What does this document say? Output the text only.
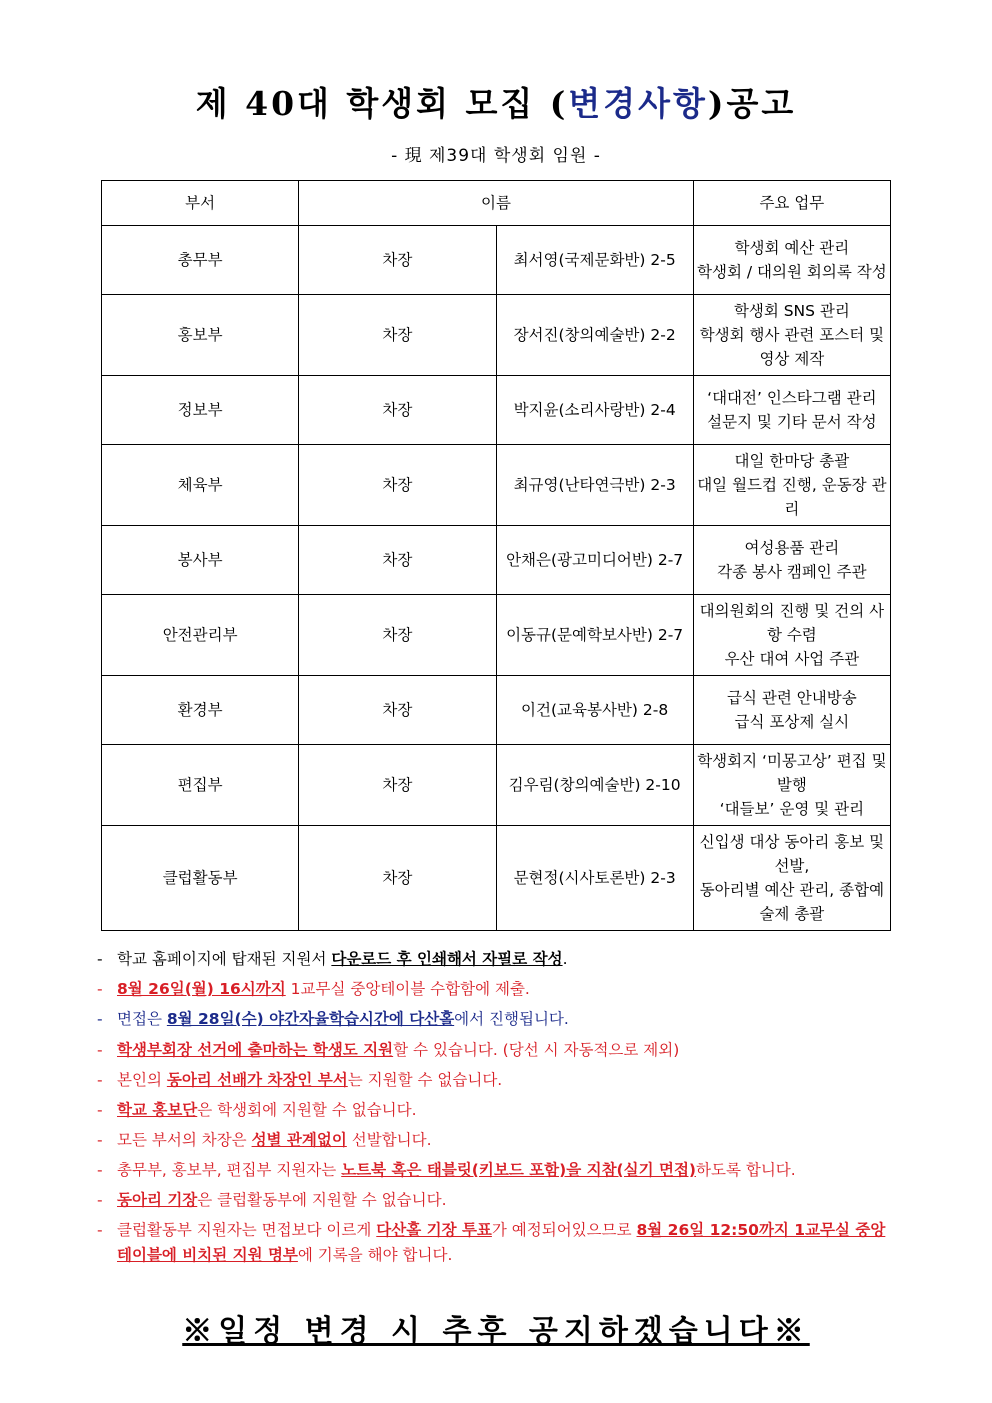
제 40대 학생회 모집 (변경사항)공고
- 現 제39대 학생회 임원 -
부서	이름		주요 업무
총무부	차장	최서영(국제문화반) 2-5	학생회 예산 관리
학생회 / 대의원 회의록 작성

홍보부	차장	장서진(창의예술반) 2-2	학생회 SNS 관리
학생회 행사 관련 포스터 및 영상 제작

정보부	차장	박지윤(소리사랑반) 2-4	‘대대전’ 인스타그램 관리
설문지 및 기타 문서 작성

체육부	차장	최규영(난타연극반) 2-3	대일 한마당 총괄
대일 월드컵 진행, 운동장 관리

봉사부	차장	안채은(광고미디어반) 2-7	여성용품 관리
각종 봉사 캠페인 주관

안전관리부	차장	이동규(문예학보사반) 2-7	대의원회의 진행 및 건의 사항 수렴
우산 대여 사업 주관

환경부	차장	이건(교육봉사반) 2-8	급식 관련 안내방송
급식 포상제 실시

편집부	차장	김우림(창의예술반) 2-10	학생회지 ‘미몽고상’ 편집 및 발행
‘대들보’ 운영 및 관리

클럽활동부	차장	문현정(시사토론반) 2-3	신입생 대상 동아리 홍보 및 선발,
동아리별 예산 관리, 종합예술제 총괄
- 학교 홈페이지에 탑재된 지원서 다운로드 후 인쇄해서 자필로 작성.
- 8월 26일(월) 16시까지 1교무실 중앙테이블 수합함에 제출.
- 면접은 8월 28일(수) 야간자율학습시간에 다산홀에서 진행됩니다.
- 학생부회장 선거에 출마하는 학생도 지원할 수 있습니다. (당선 시 자동적으로 제외)
- 본인의 동아리 선배가 차장인 부서는 지원할 수 없습니다.
- 학교 홍보단은 학생회에 지원할 수 없습니다.
- 모든 부서의 차장은 성별 관계없이 선발합니다.
- 총무부, 홍보부, 편집부 지원자는 노트북 혹은 태블릿(키보드 포함)을 지참(실기 면접)하도록 합니다.
- 동아리 기장은 클럽활동부에 지원할 수 없습니다.
- 클럽활동부 지원자는 면접보다 이르게 다산홀 기장 투표가 예정되어있으므로 8월 26일 12:50까지 1교무실 중앙테이블에 비치된 지원 명부에 기록을 해야 합니다.
※일정 변경 시 추후 공지하겠습니다※
